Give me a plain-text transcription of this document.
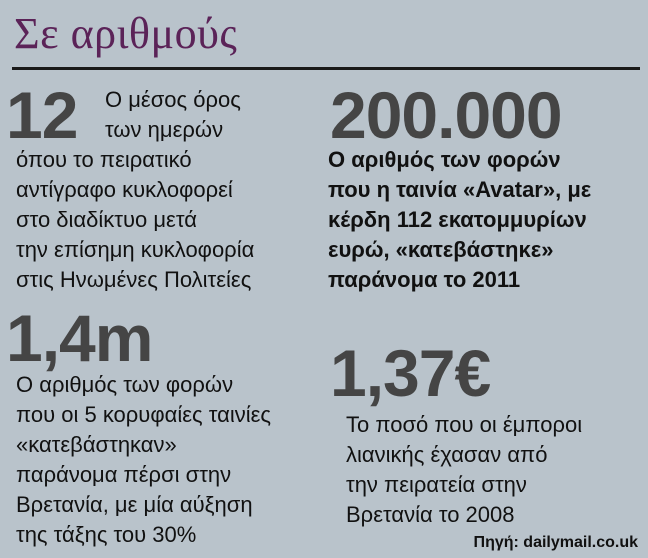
Σε αριθμούς
12 Ο μέσος όρος
των ημερών
όπου το πειρατικό
αντίγραφο κυκλοφορεί
στο διαδίκτυο μετά
την επίσημη κυκλοφορία
στις Ηνωμένες Πολιτείες
200.000
Ο αριθμός των φορών
που η ταινία «Avatar», με
κέρδη 112 εκατομμυρίων
ευρώ, «κατεβάστηκε»
παράνομα το 2011
1,4m
Ο αριθμός των φορών
που οι 5 κορυφαίες ταινίες
«κατεβάστηκαν»
παράνομα πέρσι στην
Βρετανία, με μία αύξηση
της τάξης του 30%
1,37€
Το ποσό που οι έμποροι
λιανικής έχασαν από
την πειρατεία στην
Βρετανία το 2008
Πηγή: dailymail.co.uk
